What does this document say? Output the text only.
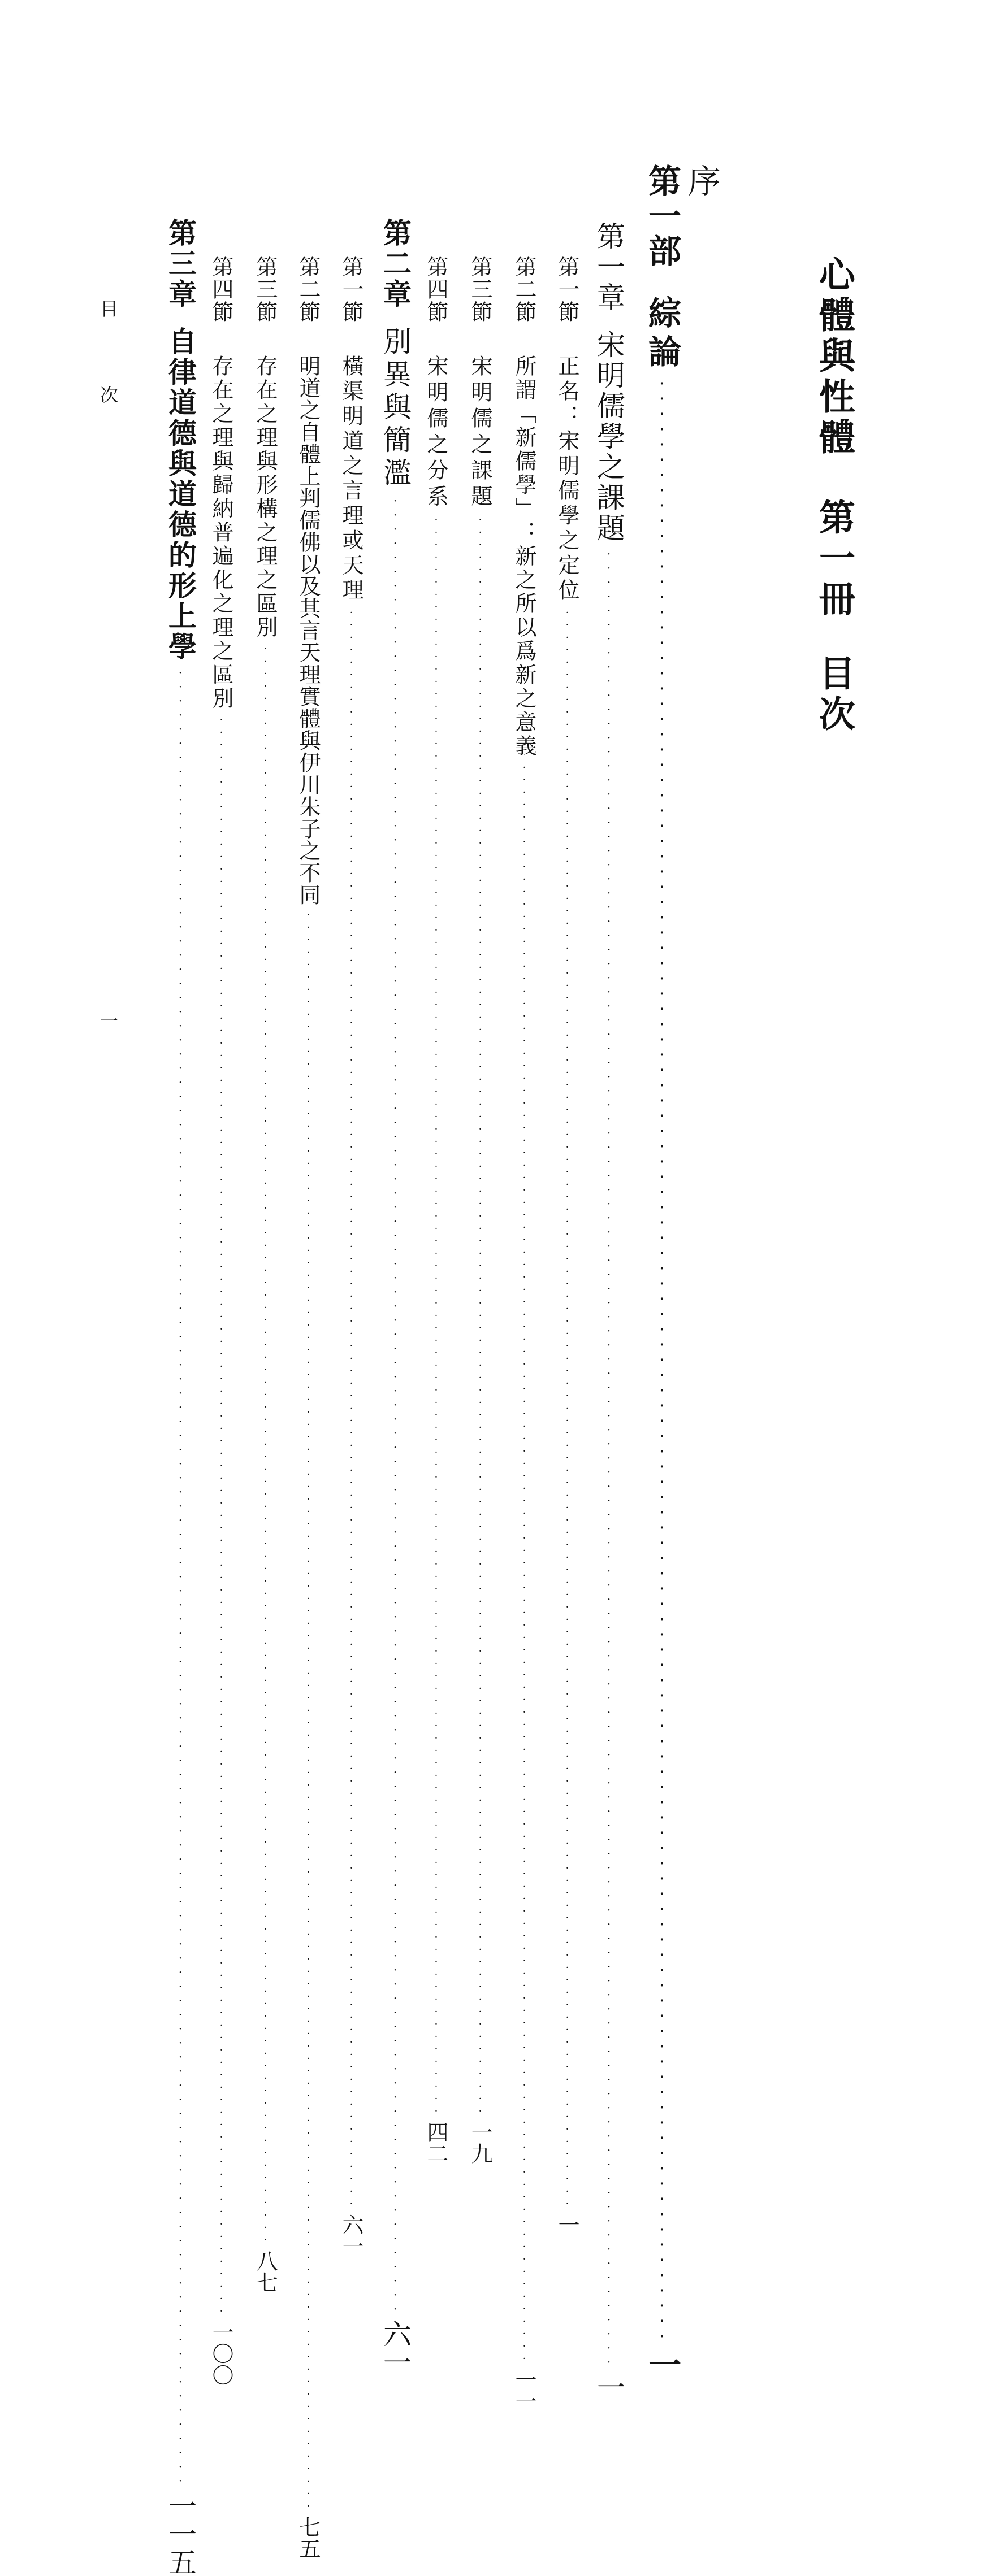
心體與性體第一冊目次
序
第一部
綜論
·································································································································
一
第一章
宋明儒學之課題
·································································································································
一
第一節
正名：宋明儒學之定位
·································································································································
一
第二節
所謂「新儒學」：新之所以爲新之意義
·································································································································
一一
第三節
宋明儒之課題
·································································································································
一九
第四節
宋明儒之分系
·································································································································
四二
第二章
別異與簡濫
·································································································································
六一
第一節
橫渠明道之言理或天理
·································································································································
六一
第二節
明道之自體上判儒佛以及其言天理實體與伊川朱子之不同
·································································································································
七五
第三節
存在之理與形構之理之區別
·································································································································
八七
第四節
存在之理與歸納普遍化之理之區別
·································································································································
一〇〇
第三章
自律道德與道德的形上學
·································································································································
一一五
目　　　次
一
